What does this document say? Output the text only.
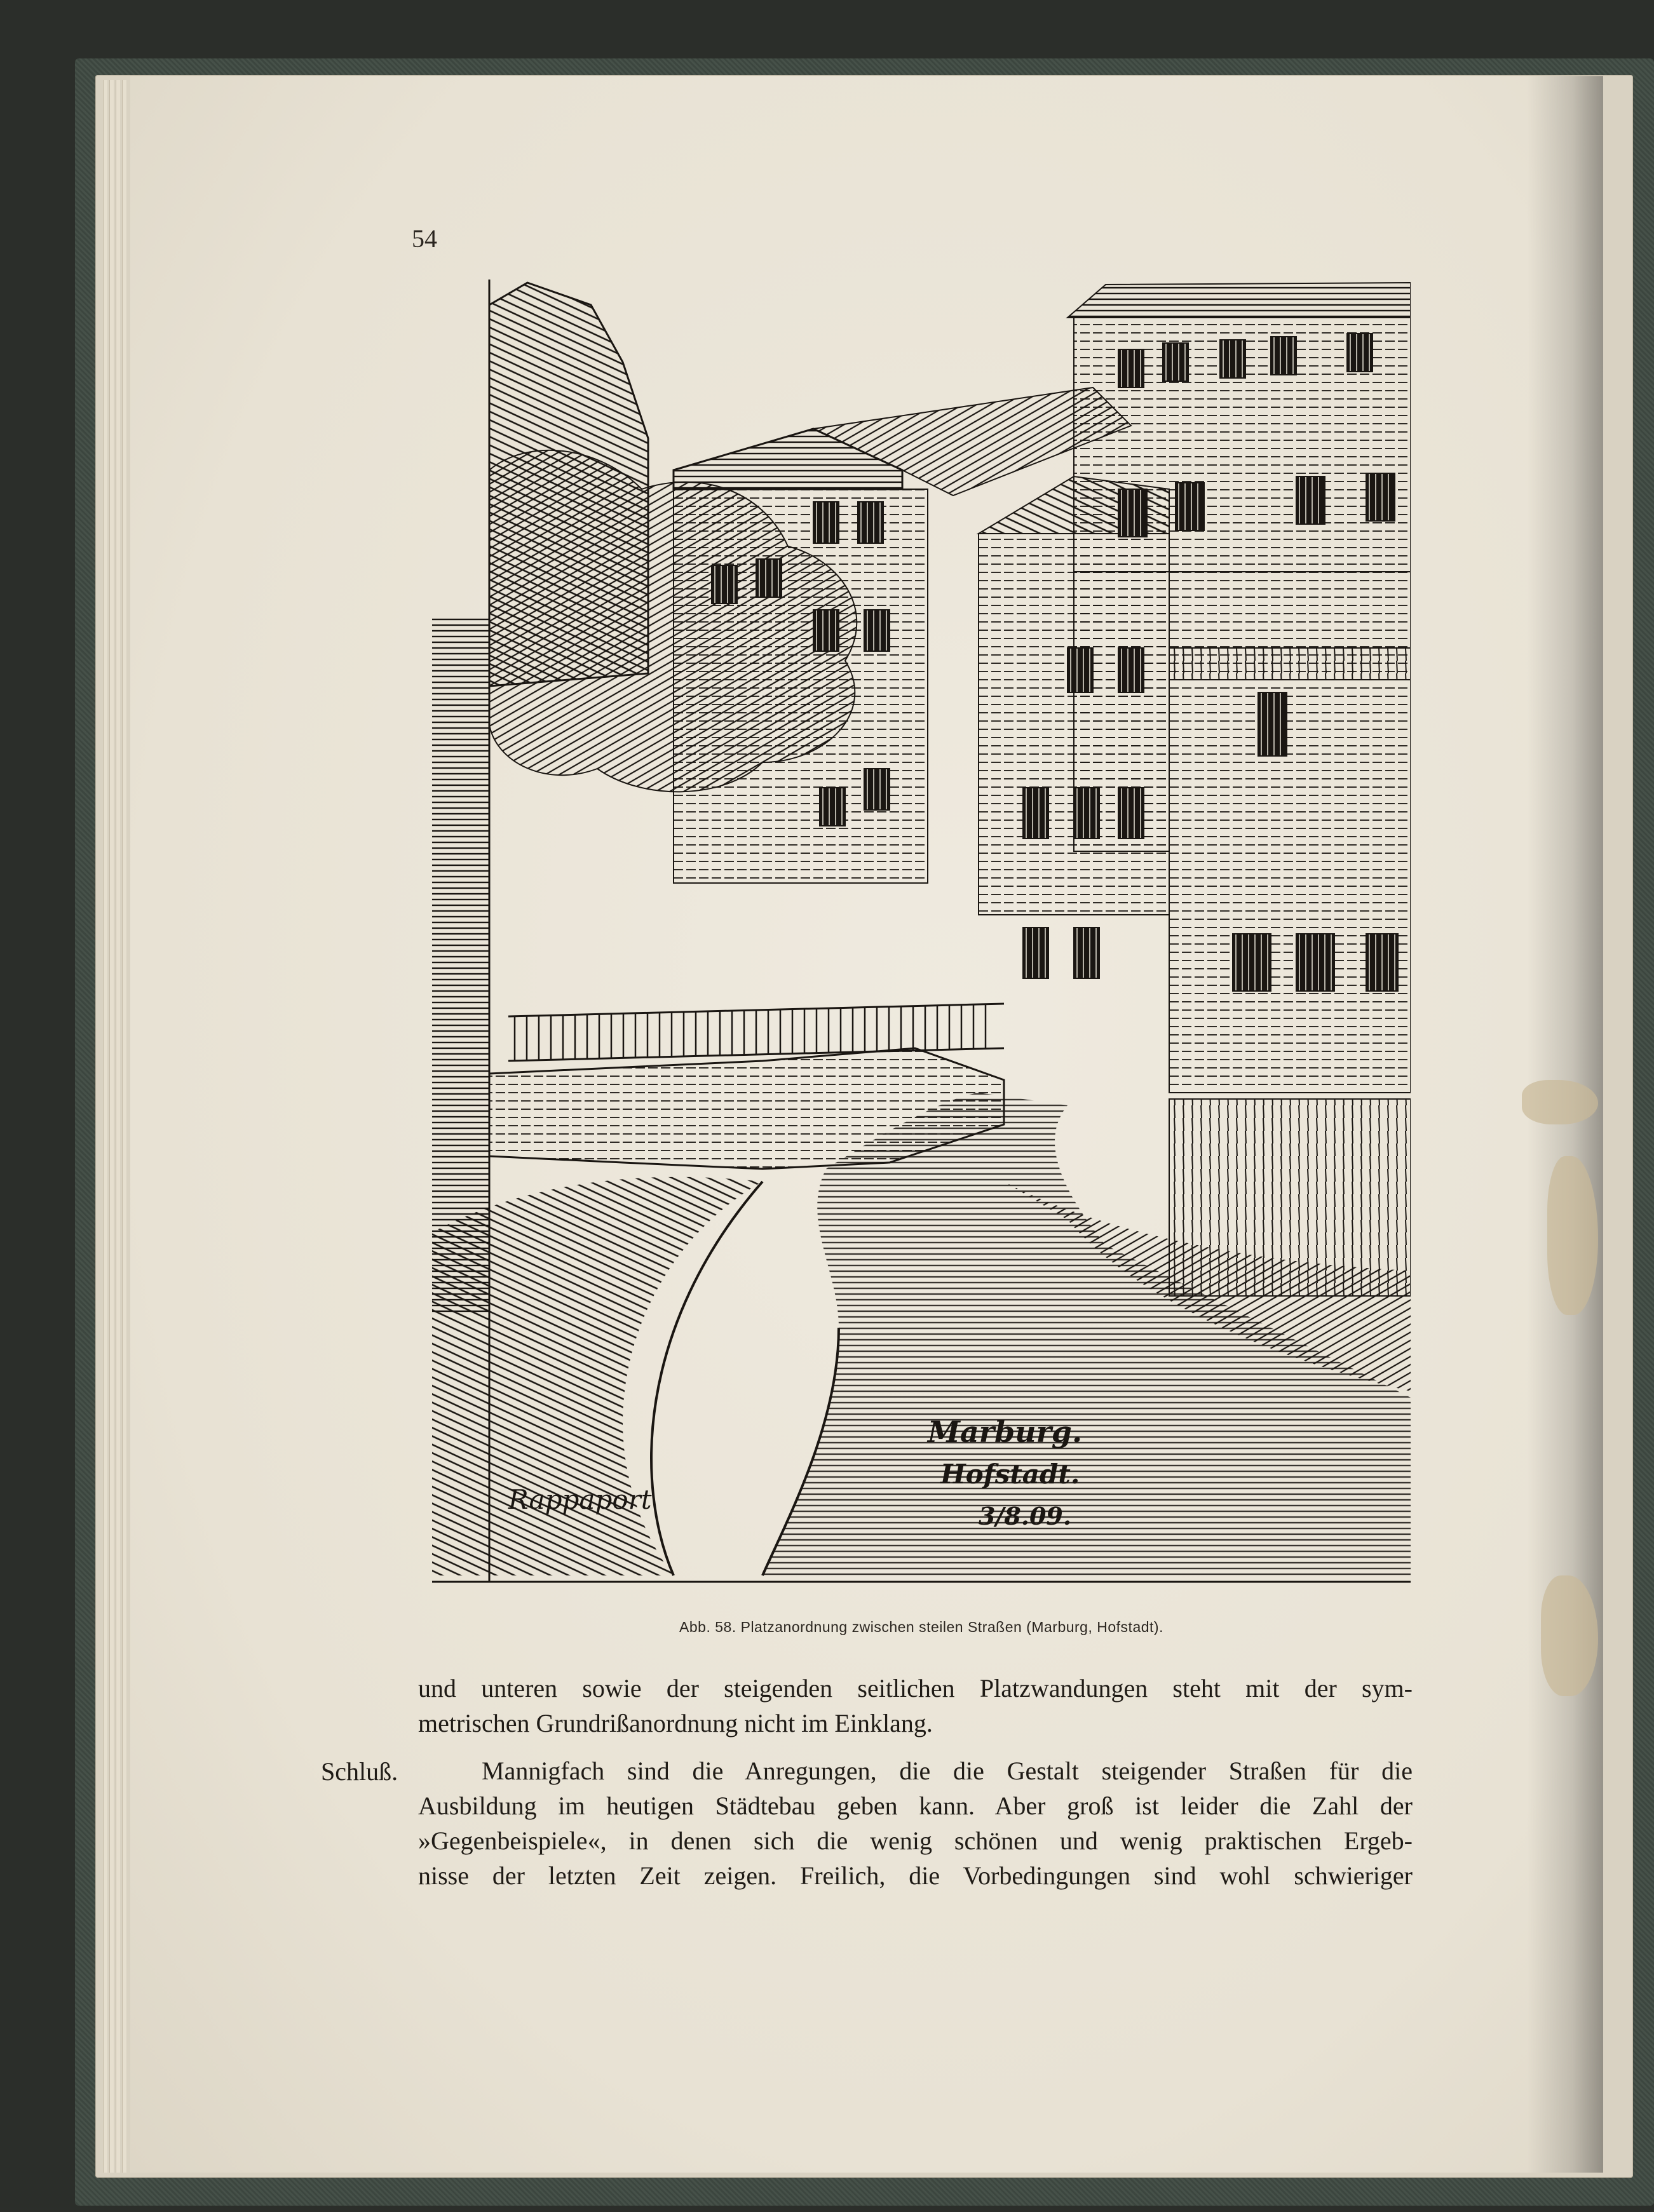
54
Rappaport
Marburg.
Hofstadt.
3/8.09.
Abb. 58. Platzanordnung zwischen steilen Straßen (Marburg, Hofstadt).
Schluß.
und unteren sowie der steigenden seitlichen Platzwandungen steht mit der sym-
metrischen Grundrißanordnung nicht im Einklang.
Mannigfach sind die Anregungen, die die Gestalt steigender Straßen für die
Ausbildung im heutigen Städtebau geben kann. Aber groß ist leider die Zahl der
»Gegenbeispiele«, in denen sich die wenig schönen und wenig praktischen Ergeb-
nisse der letzten Zeit zeigen. Freilich, die Vorbedingungen sind wohl schwieriger
